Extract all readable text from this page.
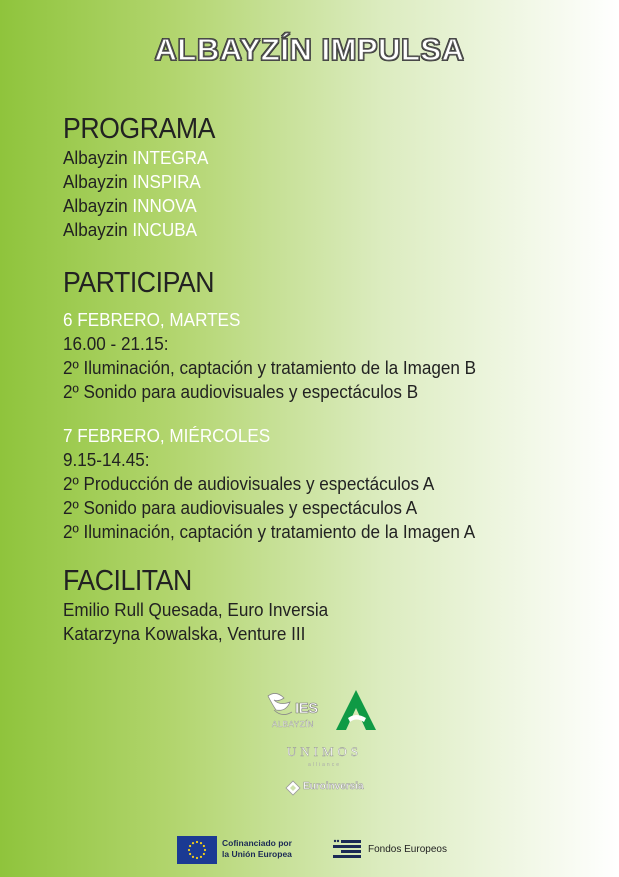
ALBAYZÍN IMPULSA
PROGRAMA
Albayzin INTEGRA
Albayzin INSPIRA
Albayzin INNOVA
Albayzin INCUBA
PARTICIPAN
6 FEBRERO, MARTES
16.00 - 21.15:
2º Iluminación, captación y tratamiento de la Imagen B
2º Sonido para audiovisuales y espectáculos B
7 FEBRERO, MIÉRCOLES
9.15-14.45:
2º Producción de audiovisuales y espectáculos A
2º Sonido para audiovisuales y espectáculos A
2º Iluminación, captación y tratamiento de la Imagen A
FACILITAN
Emilio Rull Quesada, Euro Inversia
Katarzyna Kowalska, Venture III
IES
ALBAYZÍN
UNIMOS
alliance
Euroinversia
Cofinanciado por
la Unión Europea	Fondos Europeos
